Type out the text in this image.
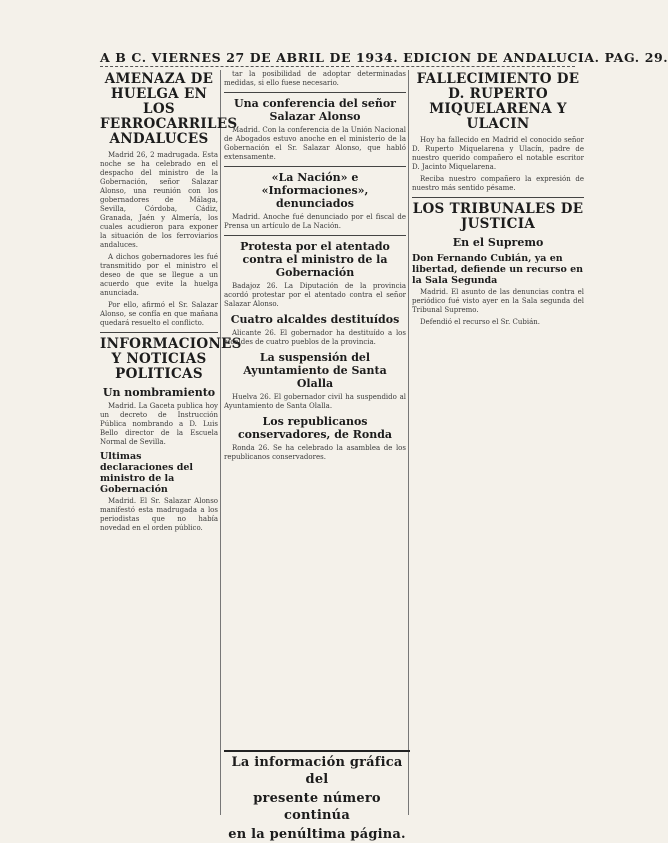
A B C. VIERNES 27 DE ABRIL DE 1934. EDICION DE ANDALUCIA. PAG. 29.
AMENAZA DE HUELGA EN LOS FERROCARRILES ANDALUCES

Madrid 26, 2 madrugada. Esta noche se ha celebrado en el despacho del ministro de la Gobernación, señor Salazar Alonso, una reunión con los gobernadores de Málaga, Sevilla, Córdoba, Cádiz, Granada, Jaén y Almería, los cuales acudieron para exponer la situación de los ferroviarios andaluces.

A dichos gobernadores les fué transmitido por el ministro el deseo de que se llegue a un acuerdo que evite la huelga anunciada.

Por ello, afirmó el Sr. Salazar Alonso, se confía en que mañana quedará resuelto el conflicto.

INFORMACIONES Y NOTICIAS POLITICAS
Un nombramiento

Madrid. La Gaceta publica hoy un decreto de Instrucción Pública nombrando a D. Luis Bello director de la Escuela Normal de Sevilla.

Ultimas declaraciones del ministro de la Gobernación

Madrid. El Sr. Salazar Alonso manifestó esta madrugada a los periodistas que no había novedad en el orden público.

tar la posibilidad de adoptar determinadas medidas, si ello fuese necesario.

Una conferencia del señor Salazar Alonso

Madrid. Con la conferencia de la Unión Nacional de Abogados estuvo anoche en el ministerio de la Gobernación el Sr. Salazar Alonso, que habló extensamente.

«La Nación» e «Informaciones», denunciados

Madrid. Anoche fué denunciado por el fiscal de Prensa un artículo de La Nación.

Protesta por el atentado contra el ministro de la Gobernación

Badajoz 26. La Diputación de la provincia acordó protestar por el atentado contra el señor Salazar Alonso.

Cuatro alcaldes destituídos

Alicante 26. El gobernador ha destituído a los alcaldes de cuatro pueblos de la provincia.

La suspensión del Ayuntamiento de Santa Olalla

Huelva 26. El gobernador civil ha suspendido al Ayuntamiento de Santa Olalla.

Los republicanos conservadores, de Ronda

Ronda 26. Se ha celebrado la asamblea de los republicanos conservadores.

La información gráfica del
presente número continúa
en la penúltima página.
FALLECIMIENTO DE D. RUPERTO MIQUELARENA Y ULACIN

Hoy ha fallecido en Madrid el conocido señor D. Ruperto Miquelarena y Ulacín, padre de nuestro querido compañero el notable escritor D. Jacinto Miquelarena.

Reciba nuestro compañero la expresión de nuestro más sentido pésame.

LOS TRIBUNALES DE JUSTICIA
En el Supremo
Don Fernando Cubián, ya en libertad, defiende un recurso en la Sala Segunda

Madrid. El asunto de las denuncias contra el periódico fué visto ayer en la Sala segunda del Tribunal Supremo.

Defendió el recurso el Sr. Cubián.
